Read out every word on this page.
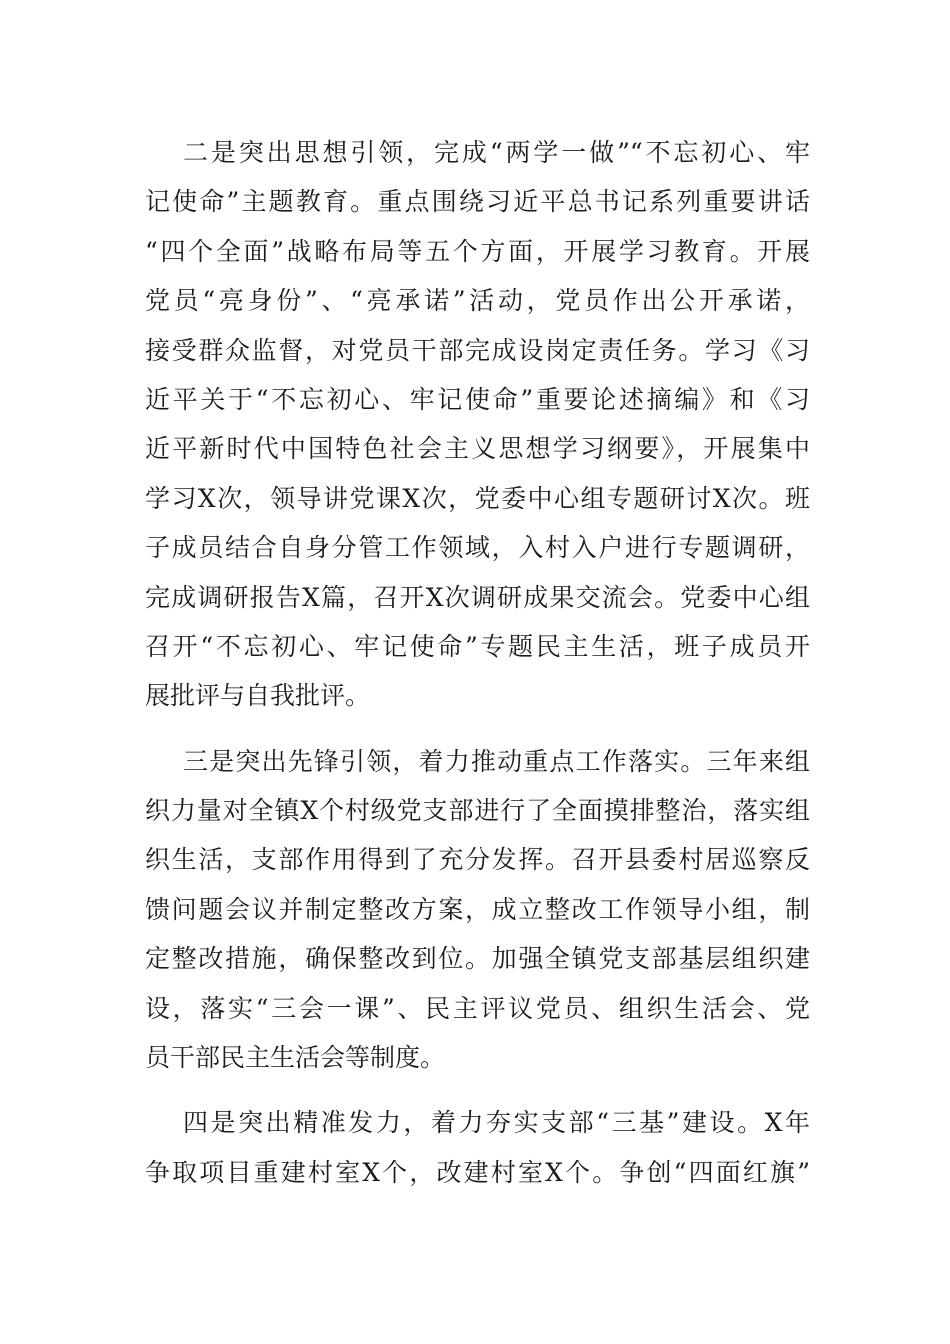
二是突出思想引领，完成“两学一做”“不忘初心、牢
记使命”主题教育。重点围绕习近平总书记系列重要讲话
“四个全面”战略布局等五个方面，开展学习教育。开展
党员“亮身份”、“亮承诺”活动，党员作出公开承诺，
接受群众监督，对党员干部完成设岗定责任务。学习《习
近平关于“不忘初心、牢记使命”重要论述摘编》和《习
近平新时代中国特色社会主义思想学习纲要》，开展集中
学习X次，领导讲党课X次，党委中心组专题研讨X次。班
子成员结合自身分管工作领域，入村入户进行专题调研，
完成调研报告X篇，召开X次调研成果交流会。党委中心组
召开“不忘初心、牢记使命”专题民主生活，班子成员开
展批评与自我批评。
三是突出先锋引领，着力推动重点工作落实。三年来组
织力量对全镇X个村级党支部进行了全面摸排整治，落实组
织生活，支部作用得到了充分发挥。召开县委村居巡察反
馈问题会议并制定整改方案，成立整改工作领导小组，制
定整改措施，确保整改到位。加强全镇党支部基层组织建
设，落实“三会一课”、民主评议党员、组织生活会、党
员干部民主生活会等制度。
四是突出精准发力，着力夯实支部“三基”建设。X年
争取项目重建村室X个，改建村室X个。争创“四面红旗”
